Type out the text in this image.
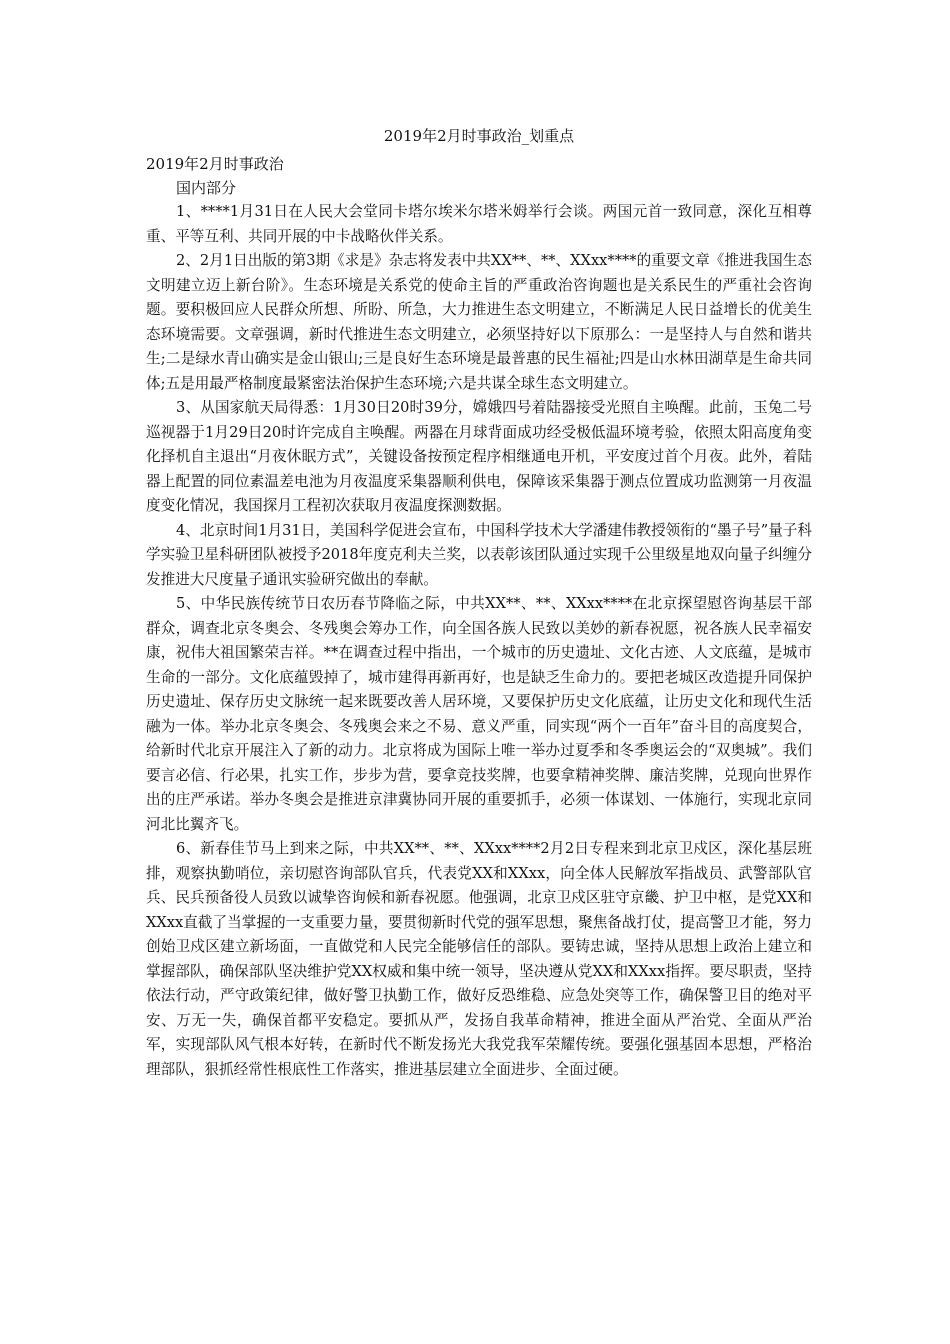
2019年2月时事政治_划重点

2019年2月时事政治

国内部分

1、****1月31日在人民大会堂同卡塔尔埃米尔塔米姆举行会谈。两国元首一致同意，深化互相尊重、平等互利、共同开展的中卡战略伙伴关系。

2、2月1日出版的第3期《求是》杂志将发表中共XX**、**、XXxx****的重要文章《推进我国生态文明建立迈上新台阶》。生态环境是关系党的使命主旨的严重政治咨询题也是关系民生的严重社会咨询题。要积极回应人民群众所想、所盼、所急，大力推进生态文明建立，不断满足人民日益增长的优美生态环境需要。文章强调，新时代推进生态文明建立，必须坚持好以下原那么：一是坚持人与自然和谐共生;二是绿水青山确实是金山银山;三是良好生态环境是最普惠的民生福祉;四是山水林田湖草是生命共同体;五是用最严格制度最紧密法治保护生态环境;六是共谋全球生态文明建立。

3、从国家航天局得悉：1月30日20时39分，嫦娥四号着陆器接受光照自主唤醒。此前，玉兔二号巡视器于1月29日20时许完成自主唤醒。两器在月球背面成功经受极低温环境考验，依照太阳高度角变化择机自主退出“月夜休眠方式”，关键设备按预定程序相继通电开机，平安度过首个月夜。此外，着陆器上配置的同位素温差电池为月夜温度采集器顺利供电，保障该采集器于测点位置成功监测第一月夜温度变化情况，我国探月工程初次获取月夜温度探测数据。

4、北京时间1月31日，美国科学促进会宣布，中国科学技术大学潘建伟教授领衔的“墨子号”量子科学实验卫星科研团队被授予2018年度克利夫兰奖，以表彰该团队通过实现千公里级星地双向量子纠缠分发推进大尺度量子通讯实验研究做出的奉献。

5、中华民族传统节日农历春节降临之际，中共XX**、**、XXxx****在北京探望慰咨询基层干部群众，调查北京冬奥会、冬残奥会筹办工作，向全国各族人民致以美妙的新春祝愿，祝各族人民幸福安康，祝伟大祖国繁荣吉祥。**在调查过程中指出，一个城市的历史遗址、文化古迹、人文底蕴，是城市生命的一部分。文化底蕴毁掉了，城市建得再新再好，也是缺乏生命力的。要把老城区改造提升同保护历史遗址、保存历史文脉统一起来既要改善人居环境，又要保护历史文化底蕴，让历史文化和现代生活融为一体。举办北京冬奥会、冬残奥会来之不易、意义严重，同实现“两个一百年”奋斗目的高度契合，给新时代北京开展注入了新的动力。北京将成为国际上唯一举办过夏季和冬季奥运会的“双奥城”。我们要言必信、行必果，扎实工作，步步为营，要拿竞技奖牌，也要拿精神奖牌、廉洁奖牌，兑现向世界作出的庄严承诺。举办冬奥会是推进京津冀协同开展的重要抓手，必须一体谋划、一体施行，实现北京同河北比翼齐飞。

6、新春佳节马上到来之际，中共XX**、**、XXxx****2月2日专程来到北京卫戍区，深化基层班排，观察执勤哨位，亲切慰咨询部队官兵，代表党XX和XXxx，向全体人民解放军指战员、武警部队官兵、民兵预备役人员致以诚挚咨询候和新春祝愿。他强调，北京卫戍区驻守京畿、护卫中枢，是党XX和XXxx直截了当掌握的一支重要力量，要贯彻新时代党的强军思想，聚焦备战打仗，提高警卫才能，努力创始卫戍区建立新场面，一直做党和人民完全能够信任的部队。要铸忠诚，坚持从思想上政治上建立和掌握部队，确保部队坚决维护党XX权威和集中统一领导，坚决遵从党XX和XXxx指挥。要尽职责，坚持依法行动，严守政策纪律，做好警卫执勤工作，做好反恐维稳、应急处突等工作，确保警卫目的绝对平安、万无一失，确保首都平安稳定。要抓从严，发扬自我革命精神，推进全面从严治党、全面从严治军，实现部队风气根本好转，在新时代不断发扬光大我党我军荣耀传统。要强化强基固本思想，严格治理部队，狠抓经常性根底性工作落实，推进基层建立全面进步、全面过硬。
